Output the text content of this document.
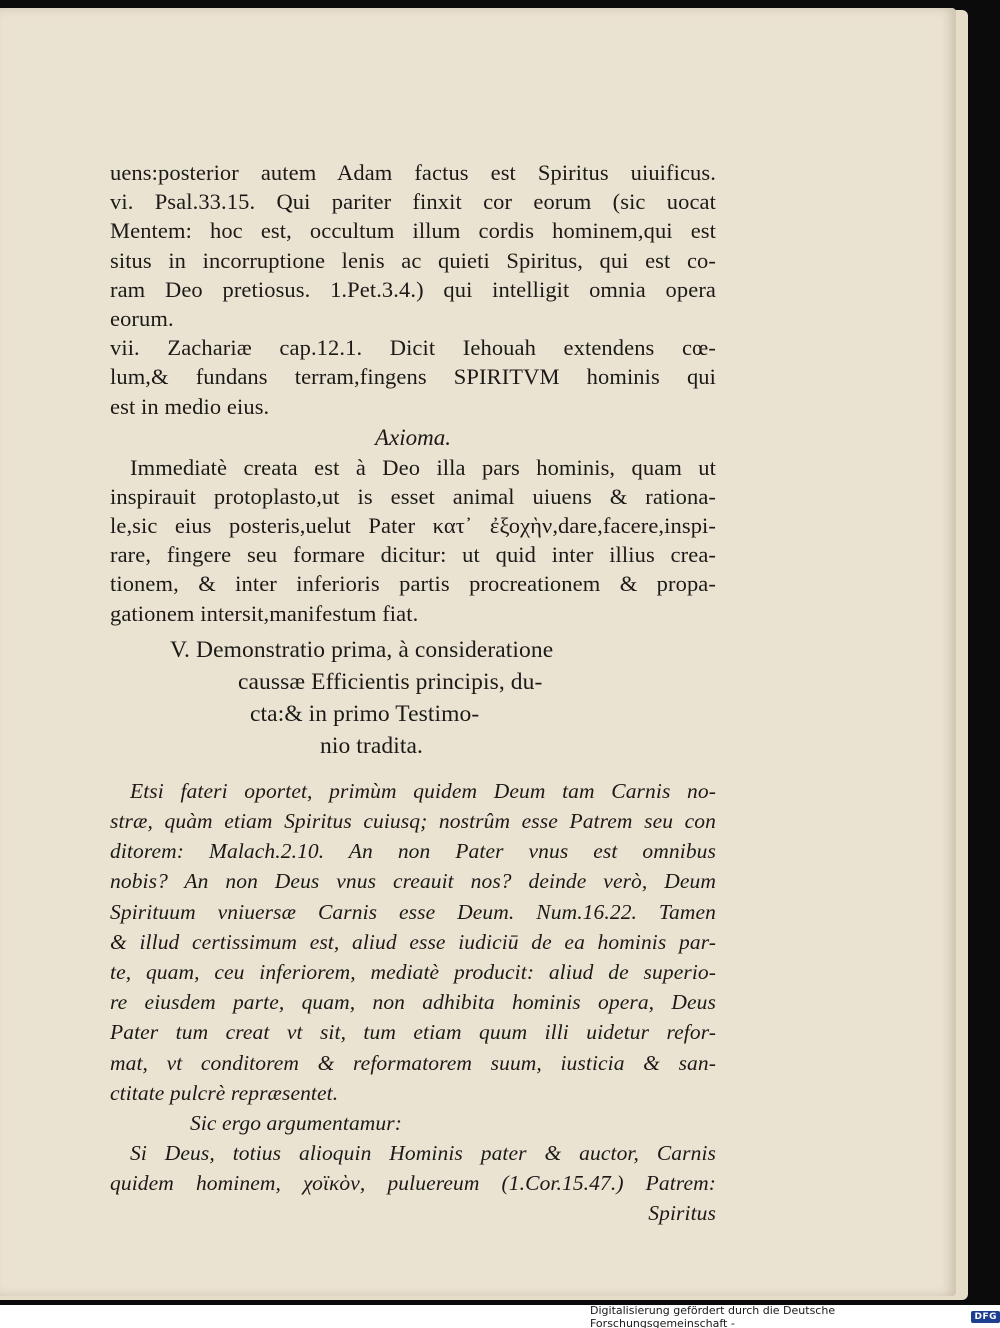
uens:posterior autem Adam factus est Spiritus uiuificus.
vi. Psal.33.15. Qui pariter finxit cor eorum (sic uocat
Mentem: hoc est, occultum illum cordis hominem,qui est
situs in incorruptione lenis ac quieti Spiritus, qui est co-
ram Deo pretiosus. 1.Pet.3.4.) qui intelligit omnia opera
eorum.
vii. Zachariæ cap.12.1. Dicit Iehouah extendens cœ-
lum,& fundans terram,fingens SPIRITVM hominis qui
est in medio eius.
Axioma.
Immediatè creata est à Deo illa pars hominis, quam ut
inspirauit protoplasto,ut is esset animal uiuens & rationa-
le,sic eius posteris,uelut Pater κατ᾽ ἐξοχὴν,dare,facere,inspi-
rare, fingere seu formare dicitur: ut quid inter illius crea-
tionem, & inter inferioris partis procreationem & propa-
gationem intersit,manifestum fiat.
V. Demonstratio prima, à consideratione
caussæ Efficientis principis, du-
cta:& in primo Testimo-
nio tradita.
Etsi fateri oportet, primùm quidem Deum tam Carnis no-
stræ, quàm etiam Spiritus cuiusq; nostrûm esse Patrem seu con
ditorem: Malach.2.10. An non Pater vnus est omnibus
nobis? An non Deus vnus creauit nos? deinde verò, Deum
Spirituum vniuersæ Carnis esse Deum. Num.16.22. Tamen
& illud certissimum est, aliud esse iudiciū de ea hominis par-
te, quam, ceu inferiorem, mediatè producit: aliud de superio-
re eiusdem parte, quam, non adhibita hominis opera, Deus
Pater tum creat vt sit, tum etiam quum illi uidetur refor-
mat, vt conditorem & reformatorem suum, iusticia & san-
ctitate pulcrè repræsentet.
Sic ergo argumentamur:
Si Deus, totius alioquin Hominis pater & auctor, Carnis
quidem hominem, χοϊκὸν, puluereum (1.Cor.15.47.) Patrem:
Spiritus
Digitalisierung gefördert durch die Deutsche Forschungsgemeinschaft -	DFG
